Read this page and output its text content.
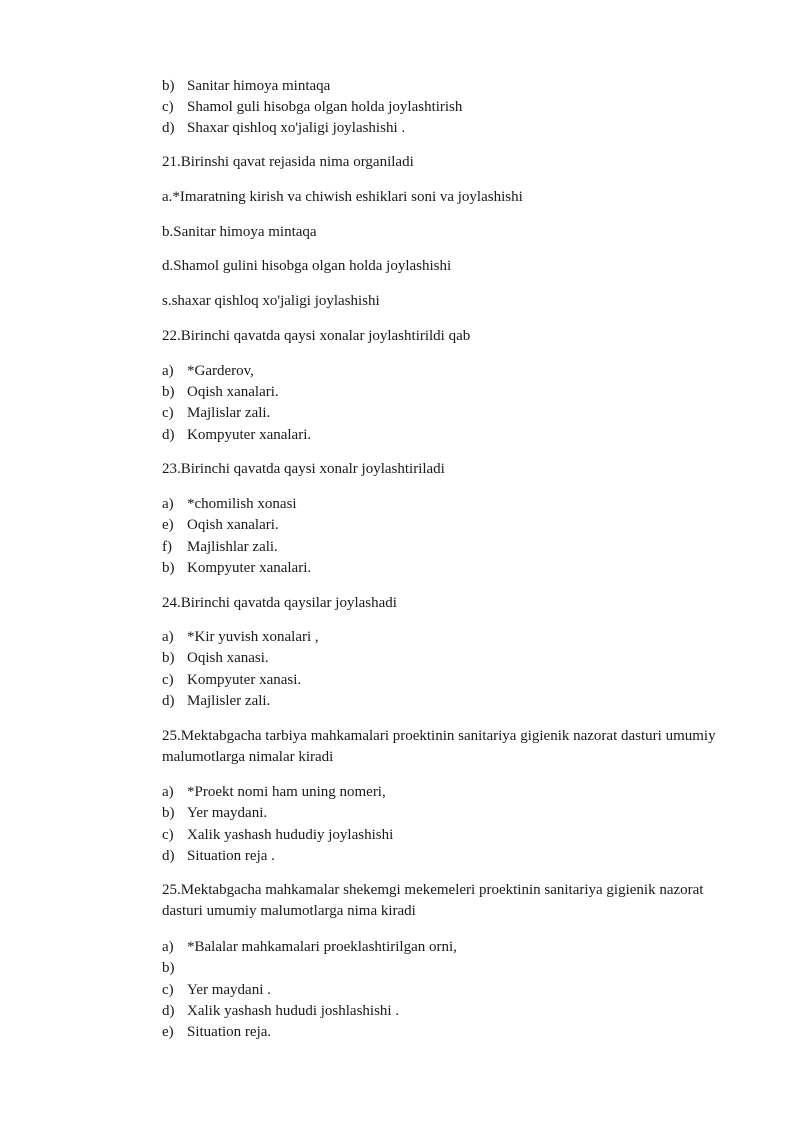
b) Sanitar himoya mintaqa
c) Shamol guli hisobga olgan holda joylashtirish
d) Shaxar qishloq xo'jaligi joylashishi .
21.Birinshi qavat rejasida nima organiladi
a.*Imaratning kirish va chiwish eshiklari soni va joylashishi
b.Sanitar himoya mintaqa
d.Shamol gulini hisobga olgan holda joylashishi
s.shaxar qishloq xo'jaligi joylashishi
22.Birinchi qavatda qaysi xonalar joylashtirildi qab
a) *Garderov,
b) Oqish xanalari.
c) Majlislar zali.
d) Kompyuter xanalari.
23.Birinchi qavatda qaysi xonalr joylashtiriladi
a) *chomilish xonasi
e) Oqish xanalari.
f) Majlishlar zali.
b) Kompyuter xanalari.
24.Birinchi qavatda qaysilar joylashadi
a) *Kir yuvish xonalari ,
b) Oqish xanasi.
c) Kompyuter xanasi.
d) Majlisler zali.
25.Mektabgacha tarbiya mahkamalari proektinin sanitariya gigienik nazorat dasturi umumiy malumotlarga nimalar kiradi
a) *Proekt nomi ham uning nomeri,
b) Yer maydani.
c) Xalik yashash hududiy joylashishi
d) Situation reja .
25.Mektabgacha mahkamalar shekemgi mekemeleri proektinin sanitariya gigienik nazorat dasturi umumiy malumotlarga nima kiradi
a) *Balalar mahkamalari proeklashtirilgan orni,
b)
c) Yer maydani .
d) Xalik yashash hududi joshlashishi .
e) Situation reja.
